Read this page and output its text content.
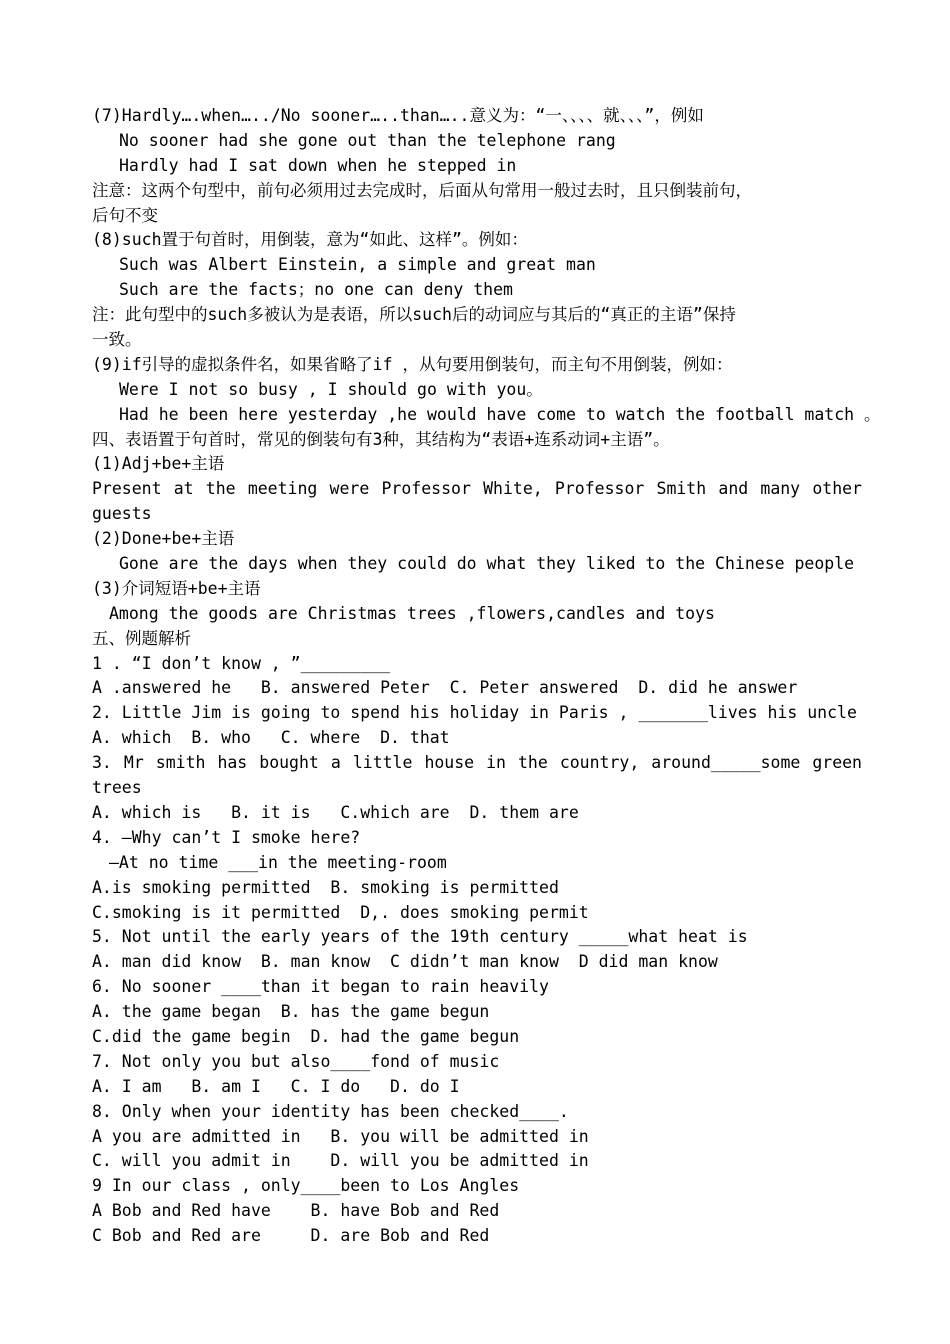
(7)Hardly….when…../No sooner…..than…..意义为：“一、、、、就、、、”，例如
No sooner had she gone out than the telephone rang
Hardly had I sat down when he stepped in
注意：这两个句型中，前句必须用过去完成时，后面从句常用一般过去时，且只倒装前句，
后句不变
(8)such置于句首时，用倒装，意为“如此、这样”。例如：
Such was Albert Einstein, a simple and great man
Such are the facts；no one can deny them
注：此句型中的such多被认为是表语，所以such后的动词应与其后的“真正的主语”保持
一致。
(9)if引导的虚拟条件名，如果省略了if ，从句要用倒装句，而主句不用倒装，例如：
Were I not so busy , I should go with you。
Had he been here yesterday ,he would have come to watch the football match 。
四、表语置于句首时，常见的倒装句有3种，其结构为“表语+连系动词+主语”。
(1)Adj+be+主语
Present at the meeting were Professor White, Professor Smith and many other
guests
(2)Done+be+主语
Gone are the days when they could do what they liked to the Chinese people
(3)介词短语+be+主语
Among the goods are Christmas trees ,flowers,candles and toys
五、例题解析
1 . “I don’t know , ”_________
A .answered he   B. answered Peter  C. Peter answered  D. did he answer
2. Little Jim is going to spend his holiday in Paris , _______lives his uncle
A. which  B. who   C. where  D. that
3. Mr smith has bought a little house in the country, around_____some green
trees
A. which is   B. it is   C.which are  D. them are
4. —Why can’t I smoke here?
—At no time ___in the meeting-room
A.is smoking permitted  B. smoking is permitted
C.smoking is it permitted  D,. does smoking permit
5. Not until the early years of the 19th century _____what heat is
A. man did know  B. man know  C didn’t man know  D did man know
6. No sooner ____than it began to rain heavily
A. the game began  B. has the game begun
C.did the game begin  D. had the game begun
7. Not only you but also____fond of music
A. I am   B. am I   C. I do   D. do I
8. Only when your identity has been checked____.
A you are admitted in   B. you will be admitted in
C. will you admit in    D. will you be admitted in
9 In our class , only____been to Los Angles
A Bob and Red have    B. have Bob and Red
C Bob and Red are     D. are Bob and Red
